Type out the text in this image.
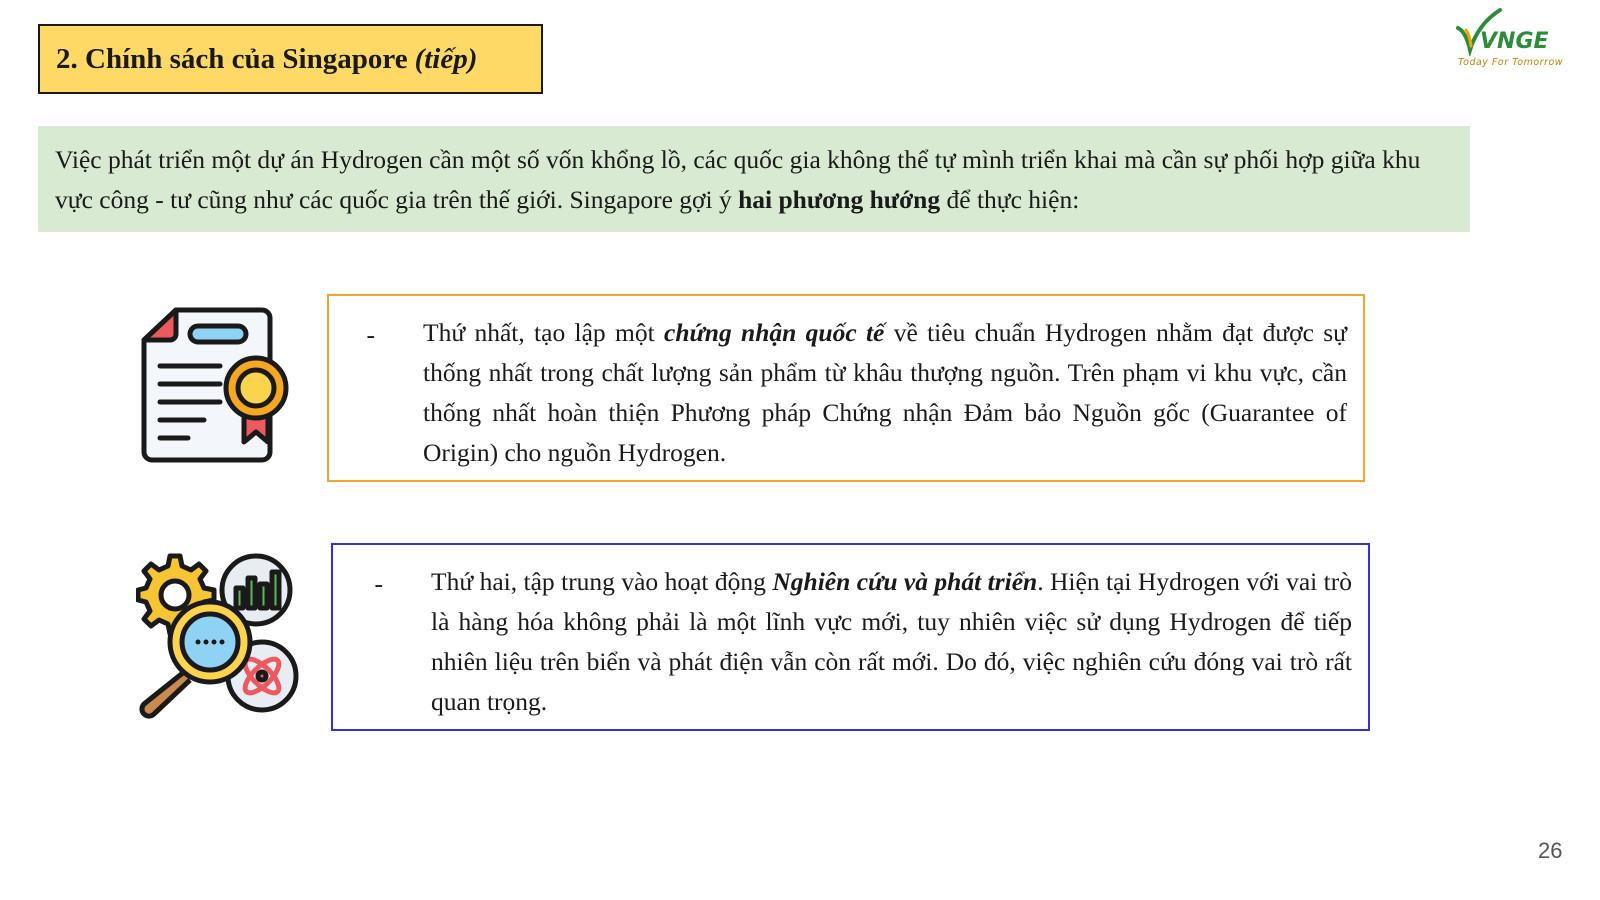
2. Chính sách của Singapore (tiếp)
VNGE
Today For Tomorrow
Việc phát triển một dự án Hydrogen cần một số vốn khổng lồ, các quốc gia không thể tự mình triển khai mà cần sự phối hợp giữa khu vực công - tư cũng như các quốc gia trên thế giới. Singapore gợi ý hai phương hướng để thực hiện:
-	Thứ nhất, tạo lập một chứng nhận quốc tế về tiêu chuẩn Hydrogen nhằm đạt được sự thống nhất trong chất lượng sản phẩm từ khâu thượng nguồn. Trên phạm vi khu vực, cần thống nhất hoàn thiện Phương pháp Chứng nhận Đảm bảo Nguồn gốc (Guarantee of Origin) cho nguồn Hydrogen.
-	Thứ hai, tập trung vào hoạt động Nghiên cứu và phát triển. Hiện tại Hydrogen với vai trò là hàng hóa không phải là một lĩnh vực mới, tuy nhiên việc sử dụng Hydrogen để tiếp nhiên liệu trên biển và phát điện vẫn còn rất mới. Do đó, việc nghiên cứu đóng vai trò rất quan trọng.
26
